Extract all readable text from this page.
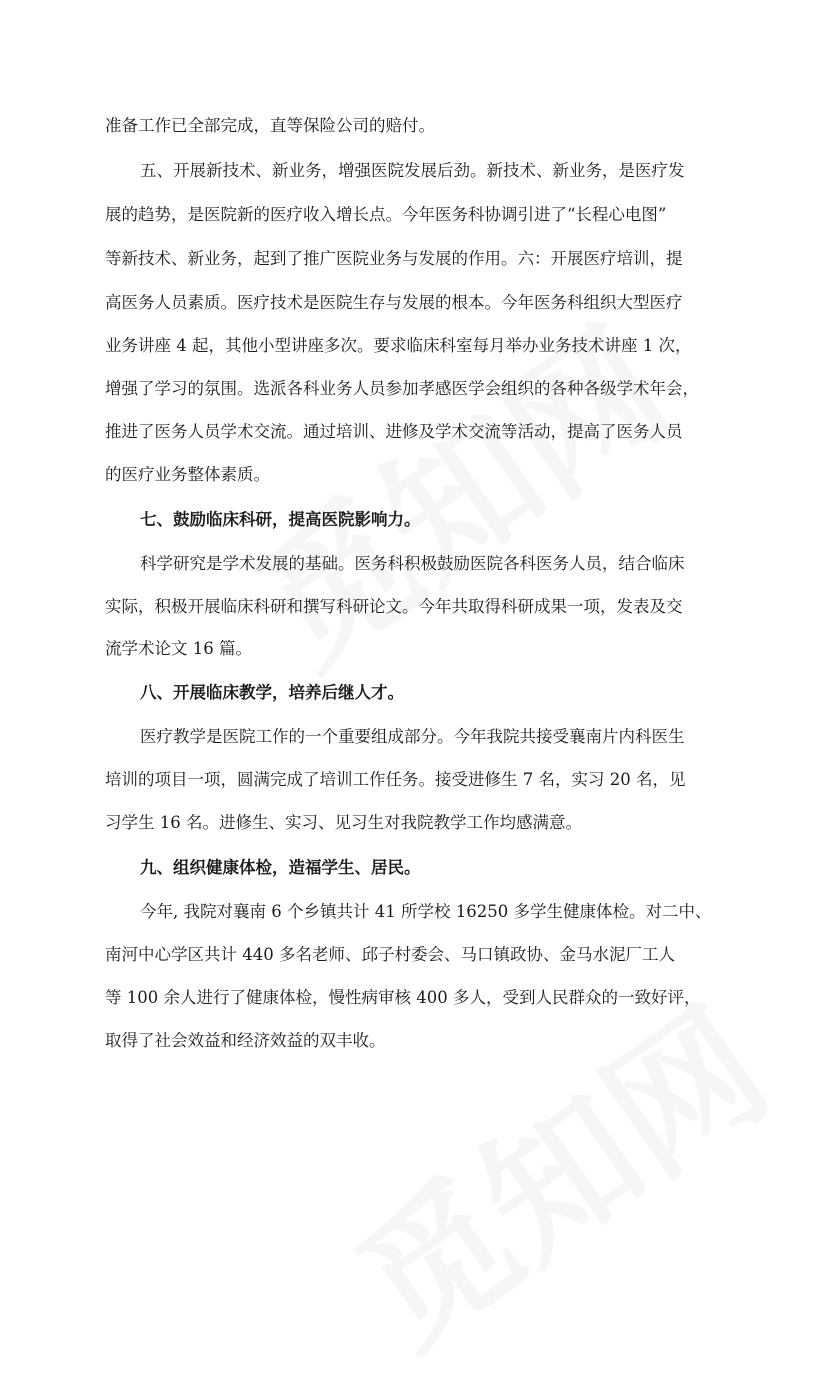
准备工作已全部完成，直等保险公司的赔付。

五、开展新技术、新业务，增强医院发展后劲。新技术、新业务，是医疗发

展的趋势，是医院新的医疗收入增长点。今年医务科协调引进了“长程心电图”

等新技术、新业务，起到了推广医院业务与发展的作用。六：开展医疗培训，提

高医务人员素质。医疗技术是医院生存与发展的根本。今年医务科组织大型医疗

业务讲座 4 起，其他小型讲座多次。要求临床科室每月举办业务技术讲座 1 次，

增强了学习的氛围。选派各科业务人员参加孝感医学会组织的各种各级学术年会，

推进了医务人员学术交流。通过培训、进修及学术交流等活动，提高了医务人员

的医疗业务整体素质。

七、鼓励临床科研，提高医院影响力。

科学研究是学术发展的基础。医务科积极鼓励医院各科医务人员，结合临床

实际，积极开展临床科研和撰写科研论文。今年共取得科研成果一项，发表及交

流学术论文 16 篇。

八、开展临床教学，培养后继人才。

医疗教学是医院工作的一个重要组成部分。今年我院共接受襄南片内科医生

培训的项目一项，圆满完成了培训工作任务。接受进修生 7 名，实习 20 名，见

习学生 16 名。进修生、实习、见习生对我院教学工作均感满意。

九、组织健康体检，造福学生、居民。

今年, 我院对襄南 6 个乡镇共计 41 所学校 16250 多学生健康体检。对二中、

南河中心学区共计 440 多名老师、邱子村委会、马口镇政协、金马水泥厂工人

等 100 余人进行了健康体检，慢性病审核 400 多人，受到人民群众的一致好评，

取得了社会效益和经济效益的双丰收。
